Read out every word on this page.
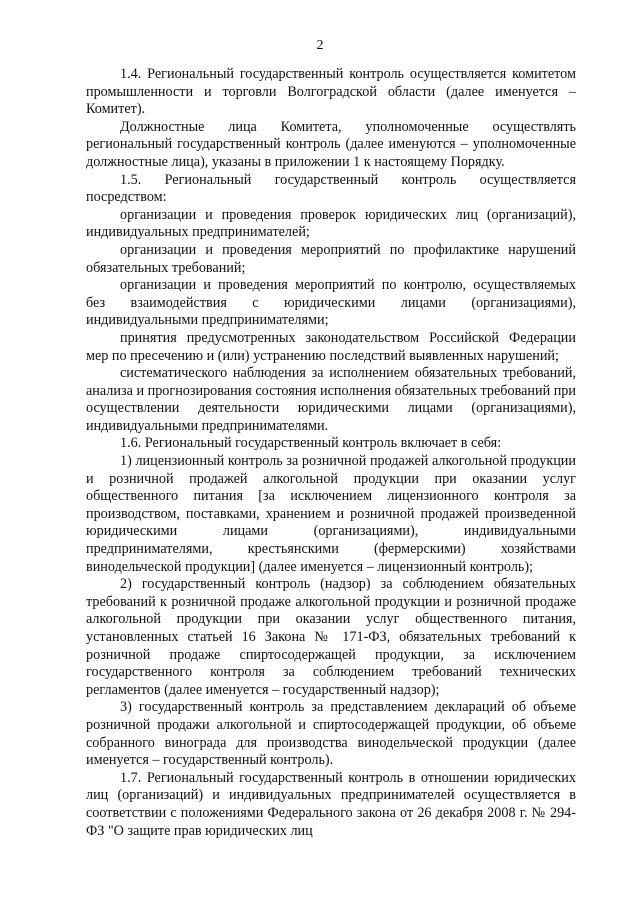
2

1.4. Региональный государственный контроль осуществляется комитетом промышленности и торговли Волгоградской области (далее именуется – Комитет).

Должностные лица Комитета, уполномоченные осуществлять региональный государственный контроль (далее именуются – уполномоченные должностные лица), указаны в приложении 1 к настоящему Порядку.

1.5. Региональный государственный контроль осуществляется посредством:

организации и проведения проверок юридических лиц (организаций), индивидуальных предпринимателей;

организации и проведения мероприятий по профилактике нарушений обязательных требований;

организации и проведения мероприятий по контролю, осуществляемых без взаимодействия с юридическими лицами (организациями), индивидуальными предпринимателями;

принятия предусмотренных законодательством Российской Федерации мер по пресечению и (или) устранению последствий выявленных нарушений;

систематического наблюдения за исполнением обязательных требований, анализа и прогнозирования состояния исполнения обязательных требований при осуществлении деятельности юридическими лицами (организациями), индивидуальными предпринимателями.

1.6. Региональный государственный контроль включает в себя:

1) лицензионный контроль за розничной продажей алкогольной продукции и розничной продажей алкогольной продукции при оказании услуг общественного питания [за исключением лицензионного контроля за производством, поставками, хранением и розничной продажей произведенной юридическими лицами (организациями), индивидуальными предпринимателями, крестьянскими (фермерскими) хозяйствами винодельческой продукции] (далее именуется – лицензионный контроль);

2) государственный контроль (надзор) за соблюдением обязательных требований к розничной продаже алкогольной продукции и розничной продаже алкогольной продукции при оказании услуг общественного питания, установленных статьей 16 Закона № 171-ФЗ, обязательных требований к розничной продаже спиртосодержащей продукции, за исключением государственного контроля за соблюдением требований технических регламентов (далее именуется – государственный надзор);

3) государственный контроль за представлением деклараций об объеме розничной продажи алкогольной и спиртосодержащей продукции, об объеме собранного винограда для производства винодельческой продукции (далее именуется – государственный контроль).

1.7. Региональный государственный контроль в отношении юридических лиц (организаций) и индивидуальных предпринимателей осуществляется в соответствии с положениями Федерального закона от 26 декабря 2008 г. № 294-ФЗ "О защите прав юридических лиц
